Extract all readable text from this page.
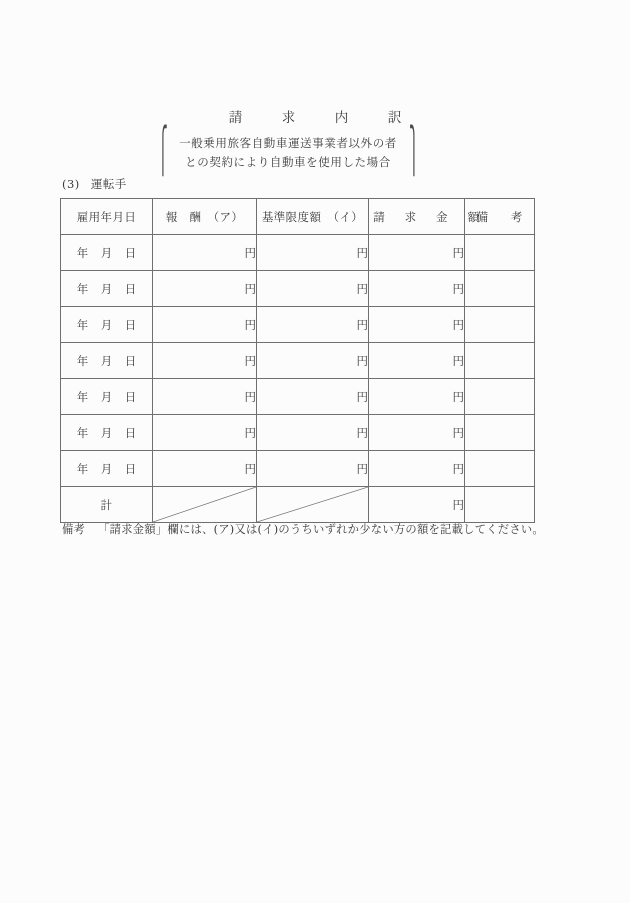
請　求　内　訳
⎧ 一般乗用旅客自動車運送事業者以外の者
との契約により自動車を使用した場合	⎫
(3) 運転手
雇用年月日	報　酬　（ア）	基準限度額　（イ）	請　求　金　額	備　考
年 月 日	円	円	円	
年 月 日	円	円	円	
年 月 日	円	円	円	
年 月 日	円	円	円	
年 月 日	円	円	円	
年 月 日	円	円	円	
年 月 日	円	円	円	
計			円	
備考 「請求金額」欄には、(ア)又は(イ)のうちいずれか少ない方の額を記載してください。
